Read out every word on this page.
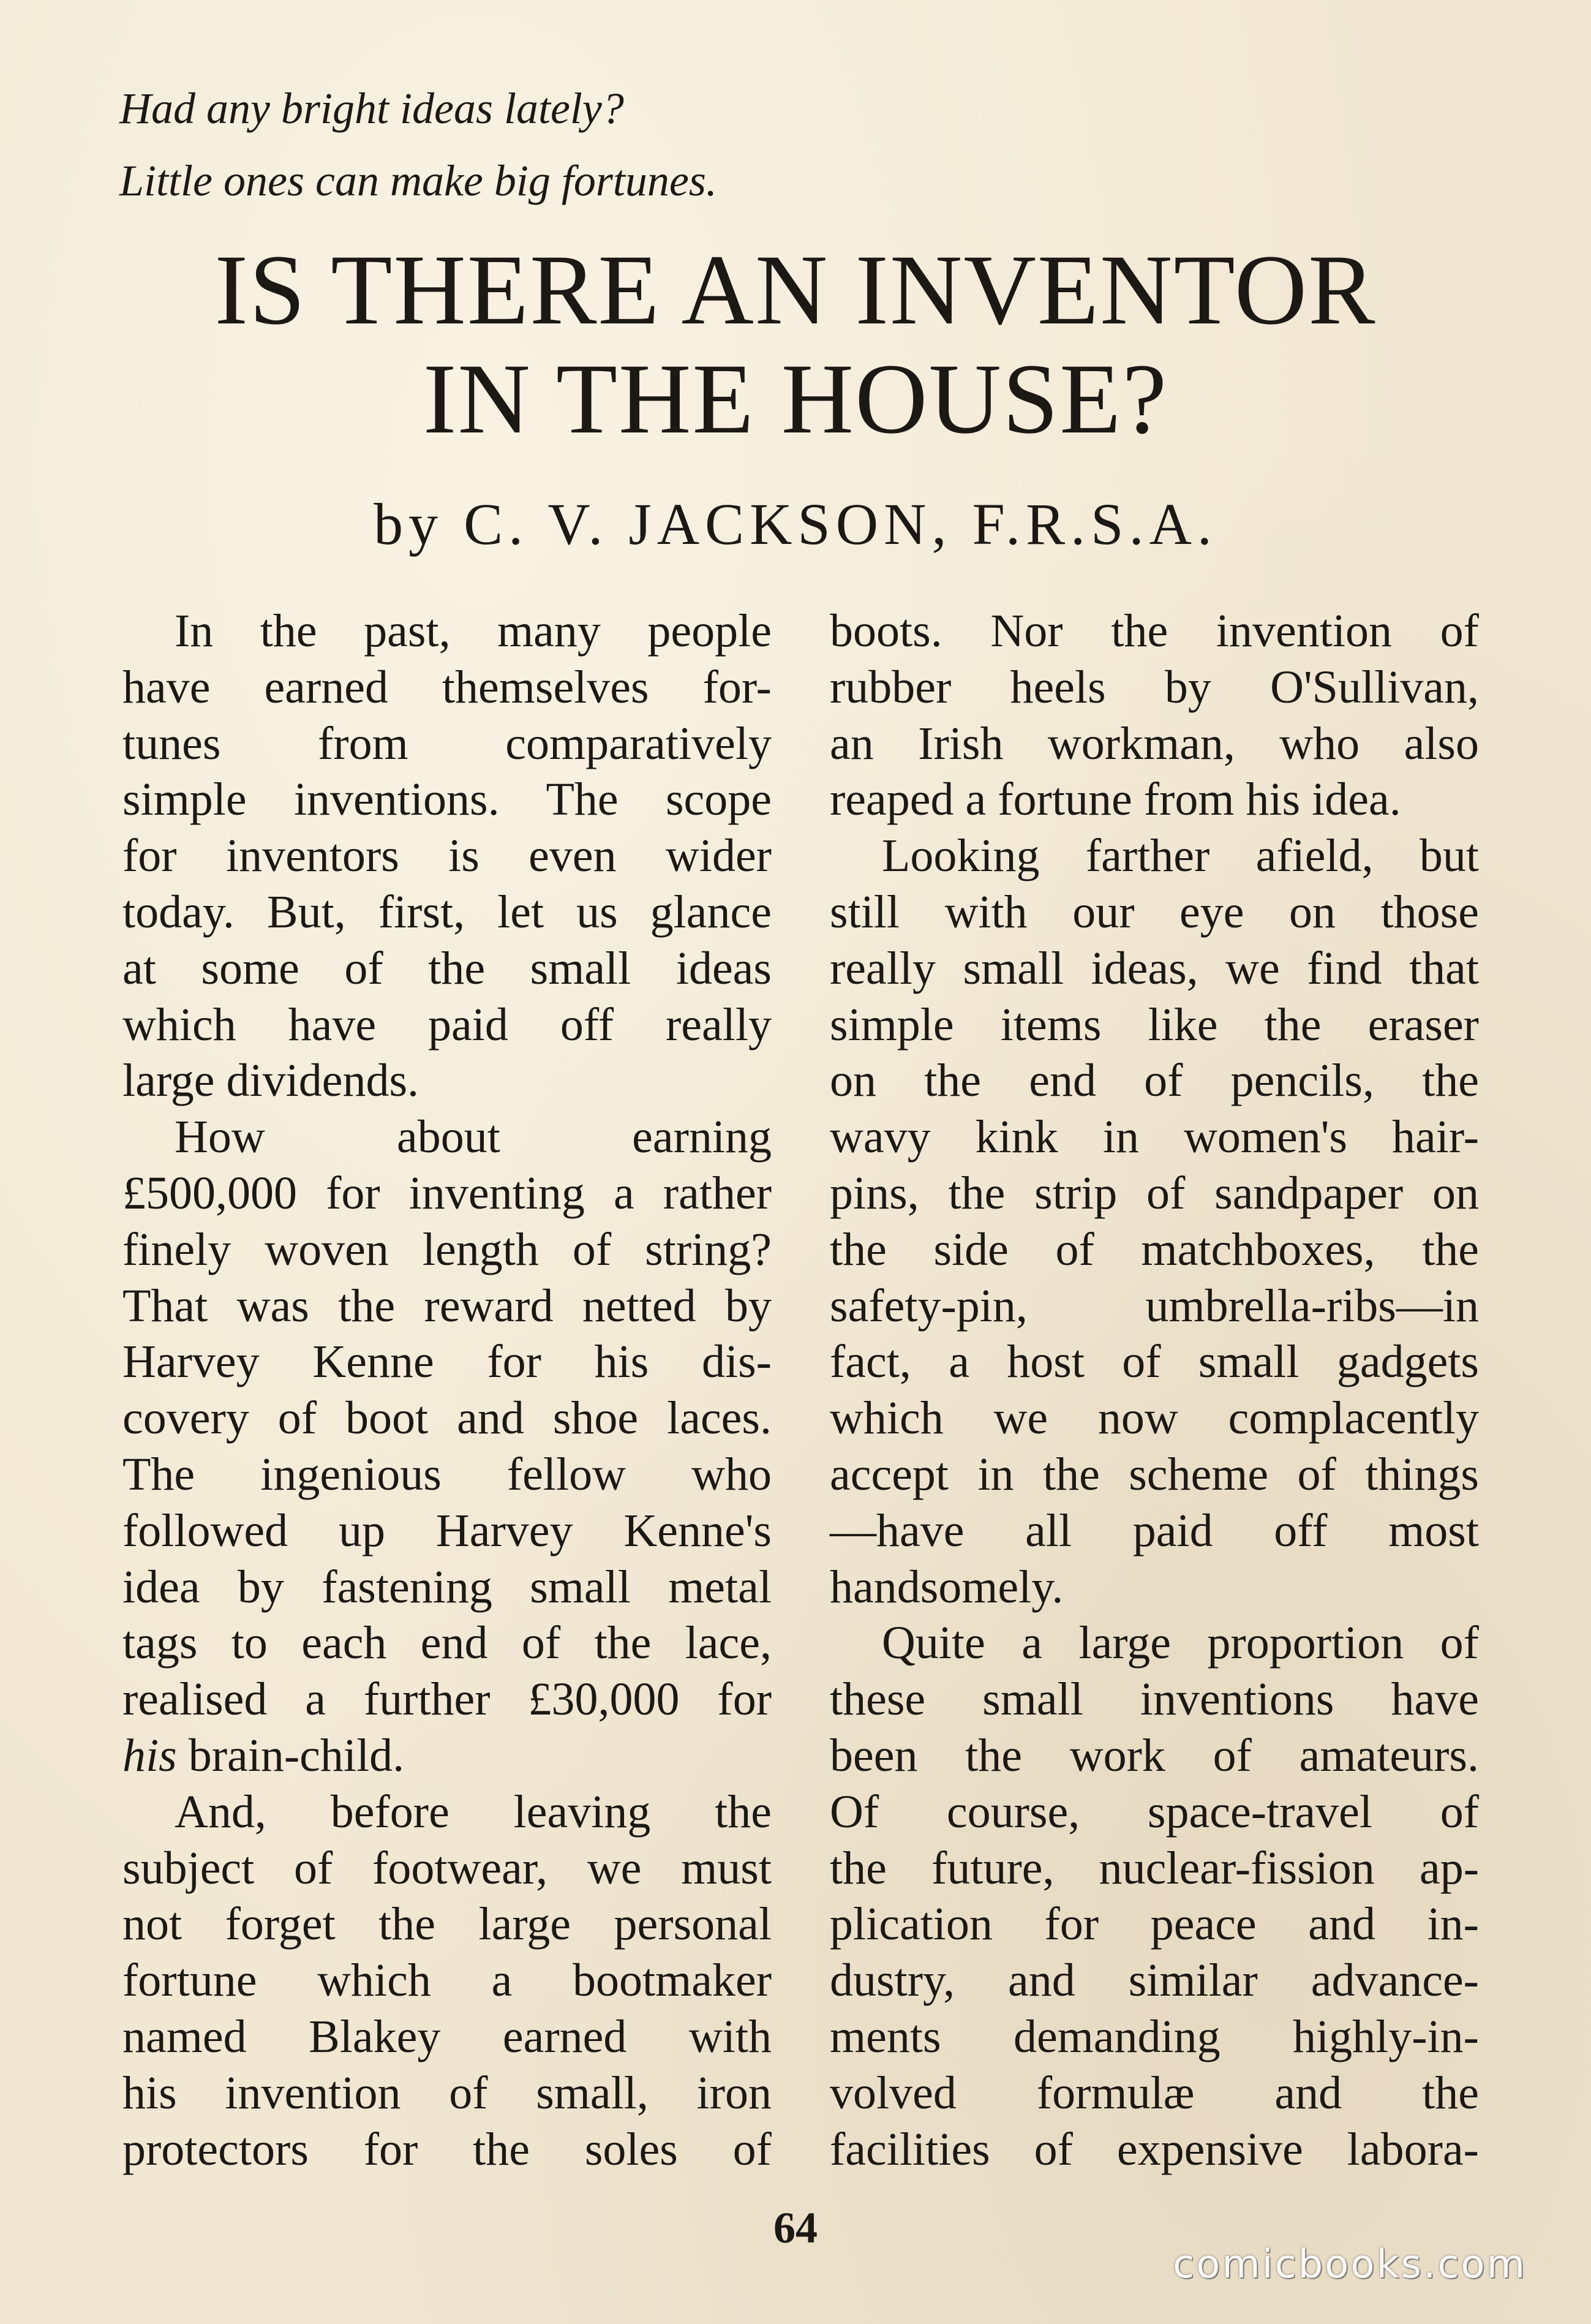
Had any bright ideas lately?
Little ones can make big fortunes.
IS THERE AN INVENTOR
IN THE HOUSE?
by C. V. JACKSON, F.R.S.A.
In the past, many people
have earned themselves for-
tunes from comparatively
simple inventions. The scope
for inventors is even wider
today. But, first, let us glance
at some of the small ideas
which have paid off really
large dividends.
How about earning
£500,000 for inventing a rather
finely woven length of string?
That was the reward netted by
Harvey Kenne for his dis-
covery of boot and shoe laces.
The ingenious fellow who
followed up Harvey Kenne's
idea by fastening small metal
tags to each end of the lace,
realised a further £30,000 for
his brain-child.
And, before leaving the
subject of footwear, we must
not forget the large personal
fortune which a bootmaker
named Blakey earned with
his invention of small, iron
protectors for the soles of
boots. Nor the invention of
rubber heels by O'Sullivan,
an Irish workman, who also
reaped a fortune from his idea.
Looking farther afield, but
still with our eye on those
really small ideas, we find that
simple items like the eraser
on the end of pencils, the
wavy kink in women's hair-
pins, the strip of sandpaper on
the side of matchboxes, the
safety-pin, umbrella-ribs—in
fact, a host of small gadgets
which we now complacently
accept in the scheme of things
—have all paid off most
handsomely.
Quite a large proportion of
these small inventions have
been the work of amateurs.
Of course, space-travel of
the future, nuclear-fission ap-
plication for peace and in-
dustry, and similar advance-
ments demanding highly-in-
volved formulæ and the
facilities of expensive labora-
64
comicbooks.com
